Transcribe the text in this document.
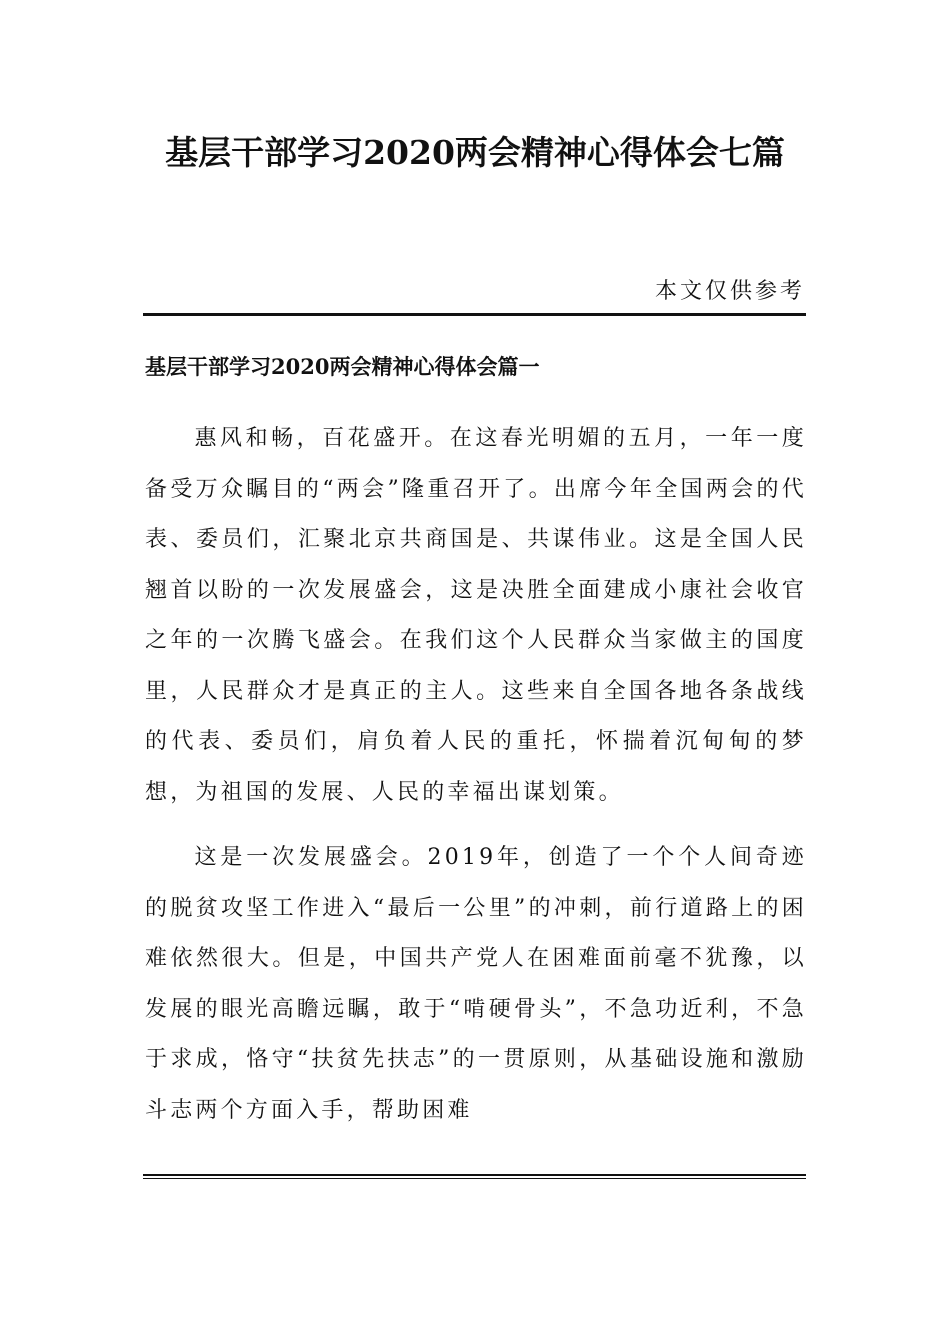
基层干部学习2020两会精神心得体会七篇
本文仅供参考
基层干部学习2020两会精神心得体会篇一

惠风和畅，百花盛开。在这春光明媚的五月，一年一度备受万众瞩目的“两会”隆重召开了。出席今年全国两会的代表、委员们，汇聚北京共商国是、共谋伟业。这是全国人民翘首以盼的一次发展盛会，这是决胜全面建成小康社会收官之年的一次腾飞盛会。在我们这个人民群众当家做主的国度里，人民群众才是真正的主人。这些来自全国各地各条战线的代表、委员们，肩负着人民的重托，怀揣着沉甸甸的梦想，为祖国的发展、人民的幸福出谋划策。

这是一次发展盛会。2019年，创造了一个个人间奇迹的脱贫攻坚工作进入“最后一公里”的冲刺，前行道路上的困难依然很大。但是，中国共产党人在困难面前毫不犹豫，以发展的眼光高瞻远瞩，敢于“啃硬骨头”，不急功近利，不急于求成，恪守“扶贫先扶志”的一贯原则，从基础设施和激励斗志两个方面入手，帮助困难
